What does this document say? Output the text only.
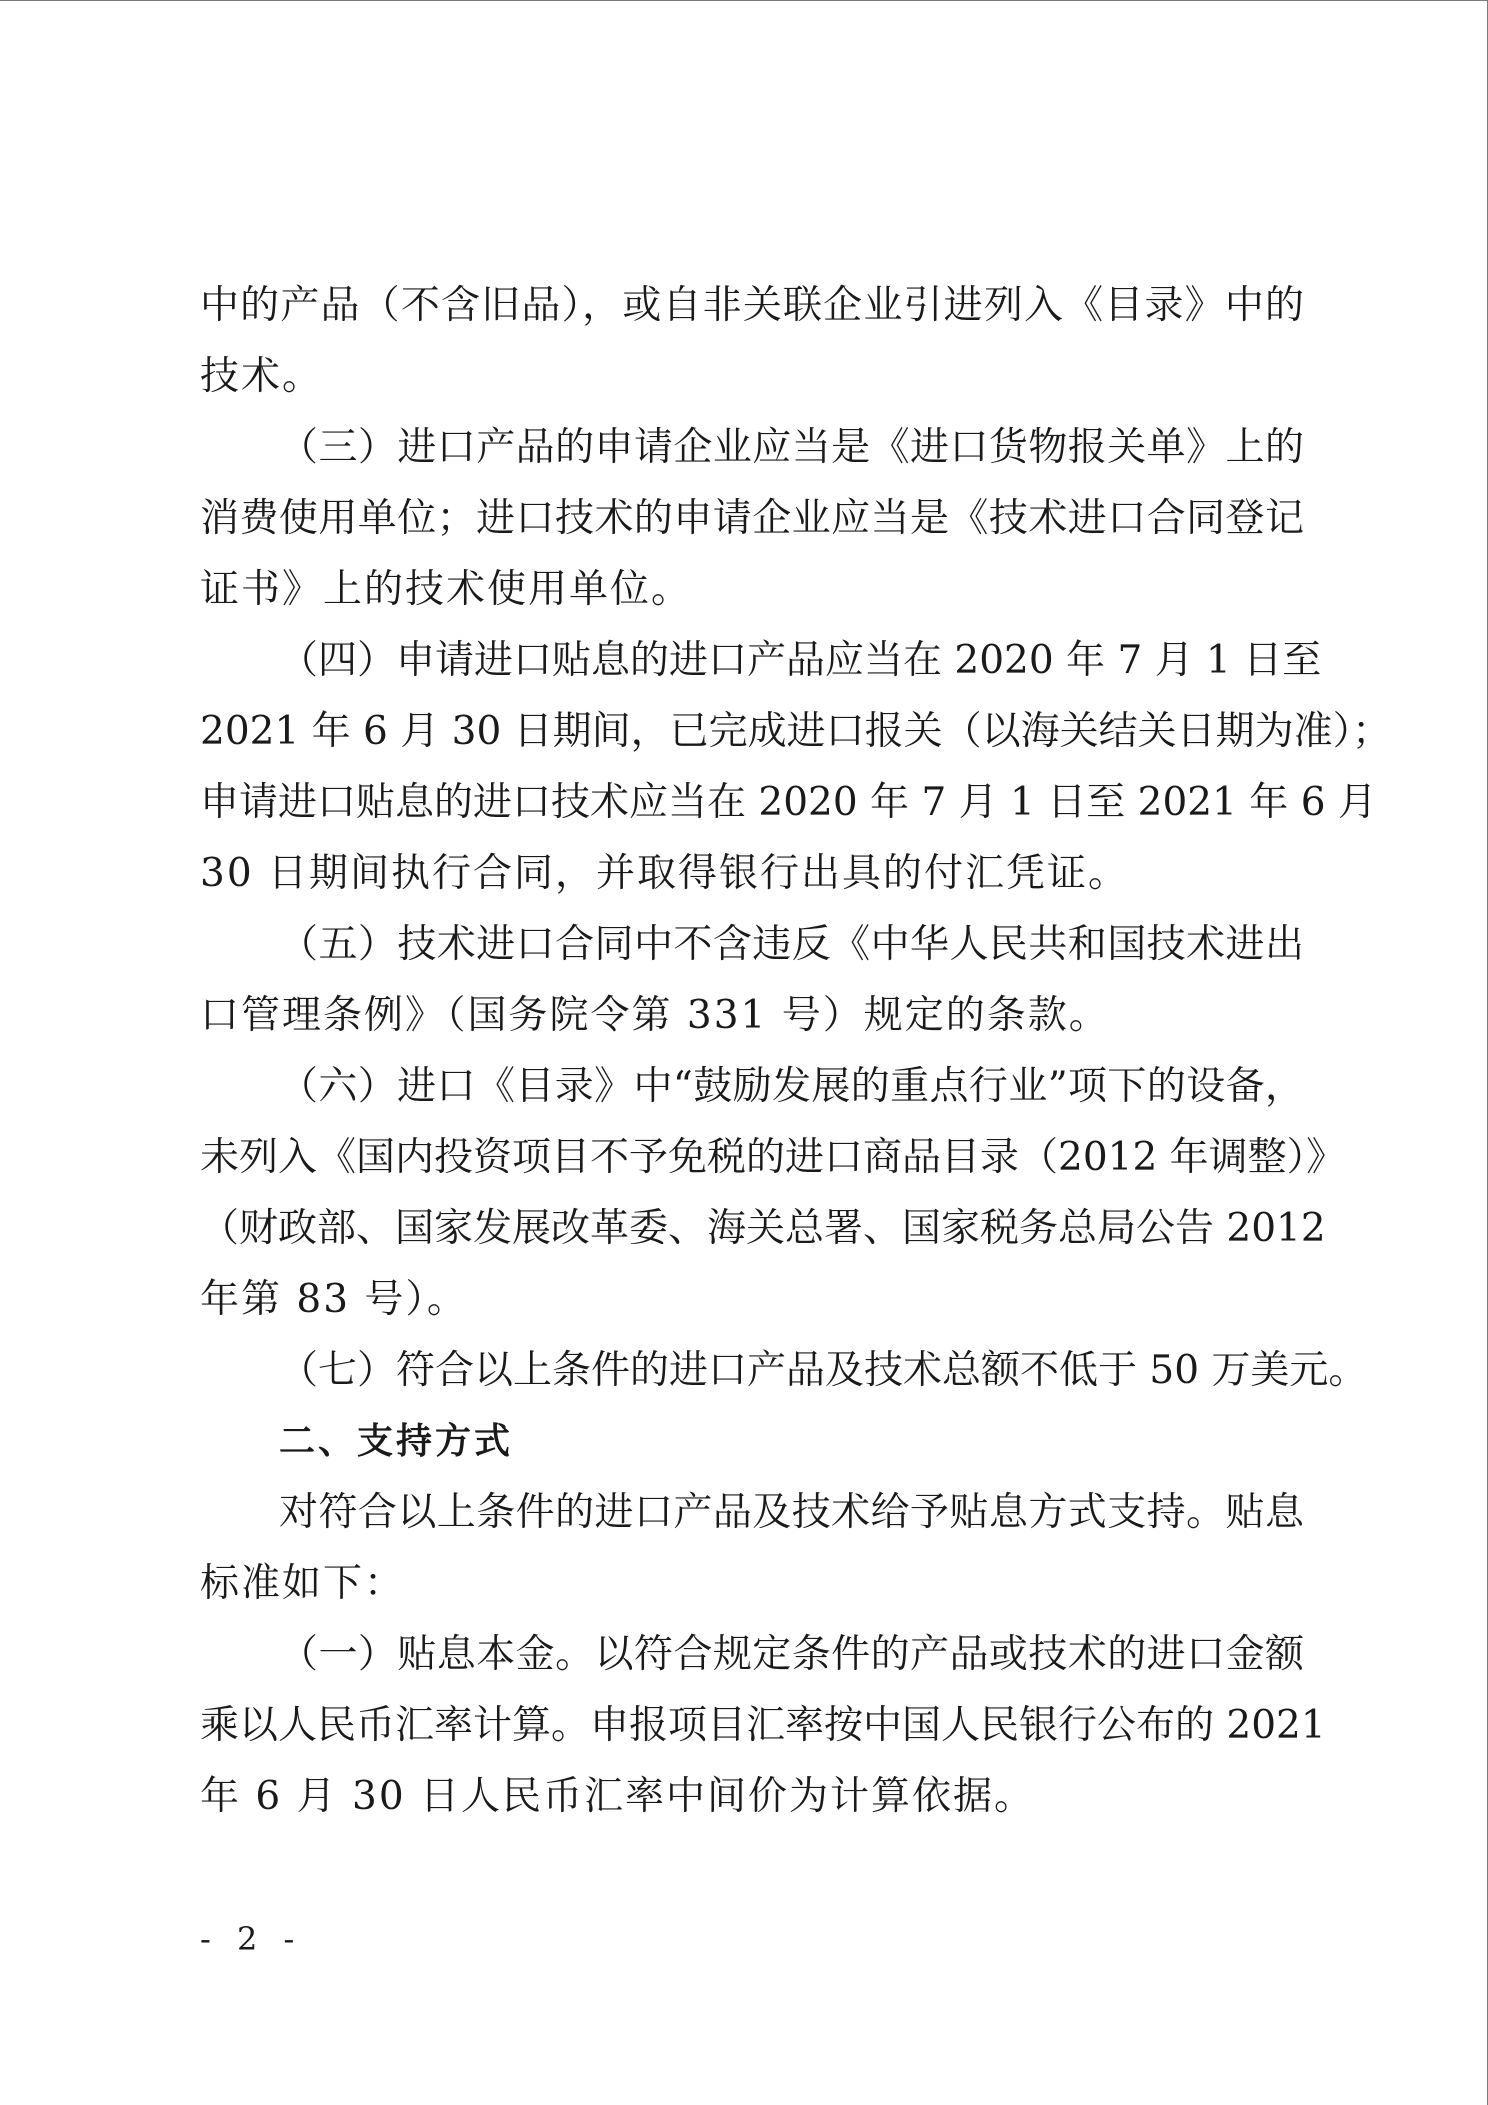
中的产品（不含旧品），或自非关联企业引进列入《目录》中的
技术。
（三）进口产品的申请企业应当是《进口货物报关单》上的
消费使用单位；进口技术的申请企业应当是《技术进口合同登记
证书》上的技术使用单位。
（四）申请进口贴息的进口产品应当在 2020 年 7 月 1 日至
2021 年 6 月 30 日期间，已完成进口报关（以海关结关日期为准）；
申请进口贴息的进口技术应当在 2020 年 7 月 1 日至 2021 年 6 月
30 日期间执行合同，并取得银行出具的付汇凭证。
（五）技术进口合同中不含违反《中华人民共和国技术进出
口管理条例》（国务院令第 331 号）规定的条款。
（六）进口《目录》中“鼓励发展的重点行业”项下的设备，
未列入《国内投资项目不予免税的进口商品目录（2012 年调整）》
（财政部、国家发展改革委、海关总署、国家税务总局公告 2012
年第 83 号）。
（七）符合以上条件的进口产品及技术总额不低于 50 万美元。
二、支持方式
对符合以上条件的进口产品及技术给予贴息方式支持。贴息
标准如下：
（一）贴息本金。以符合规定条件的产品或技术的进口金额
乘以人民币汇率计算。申报项目汇率按中国人民银行公布的 2021
年 6 月 30 日人民币汇率中间价为计算依据。
- 2 -
